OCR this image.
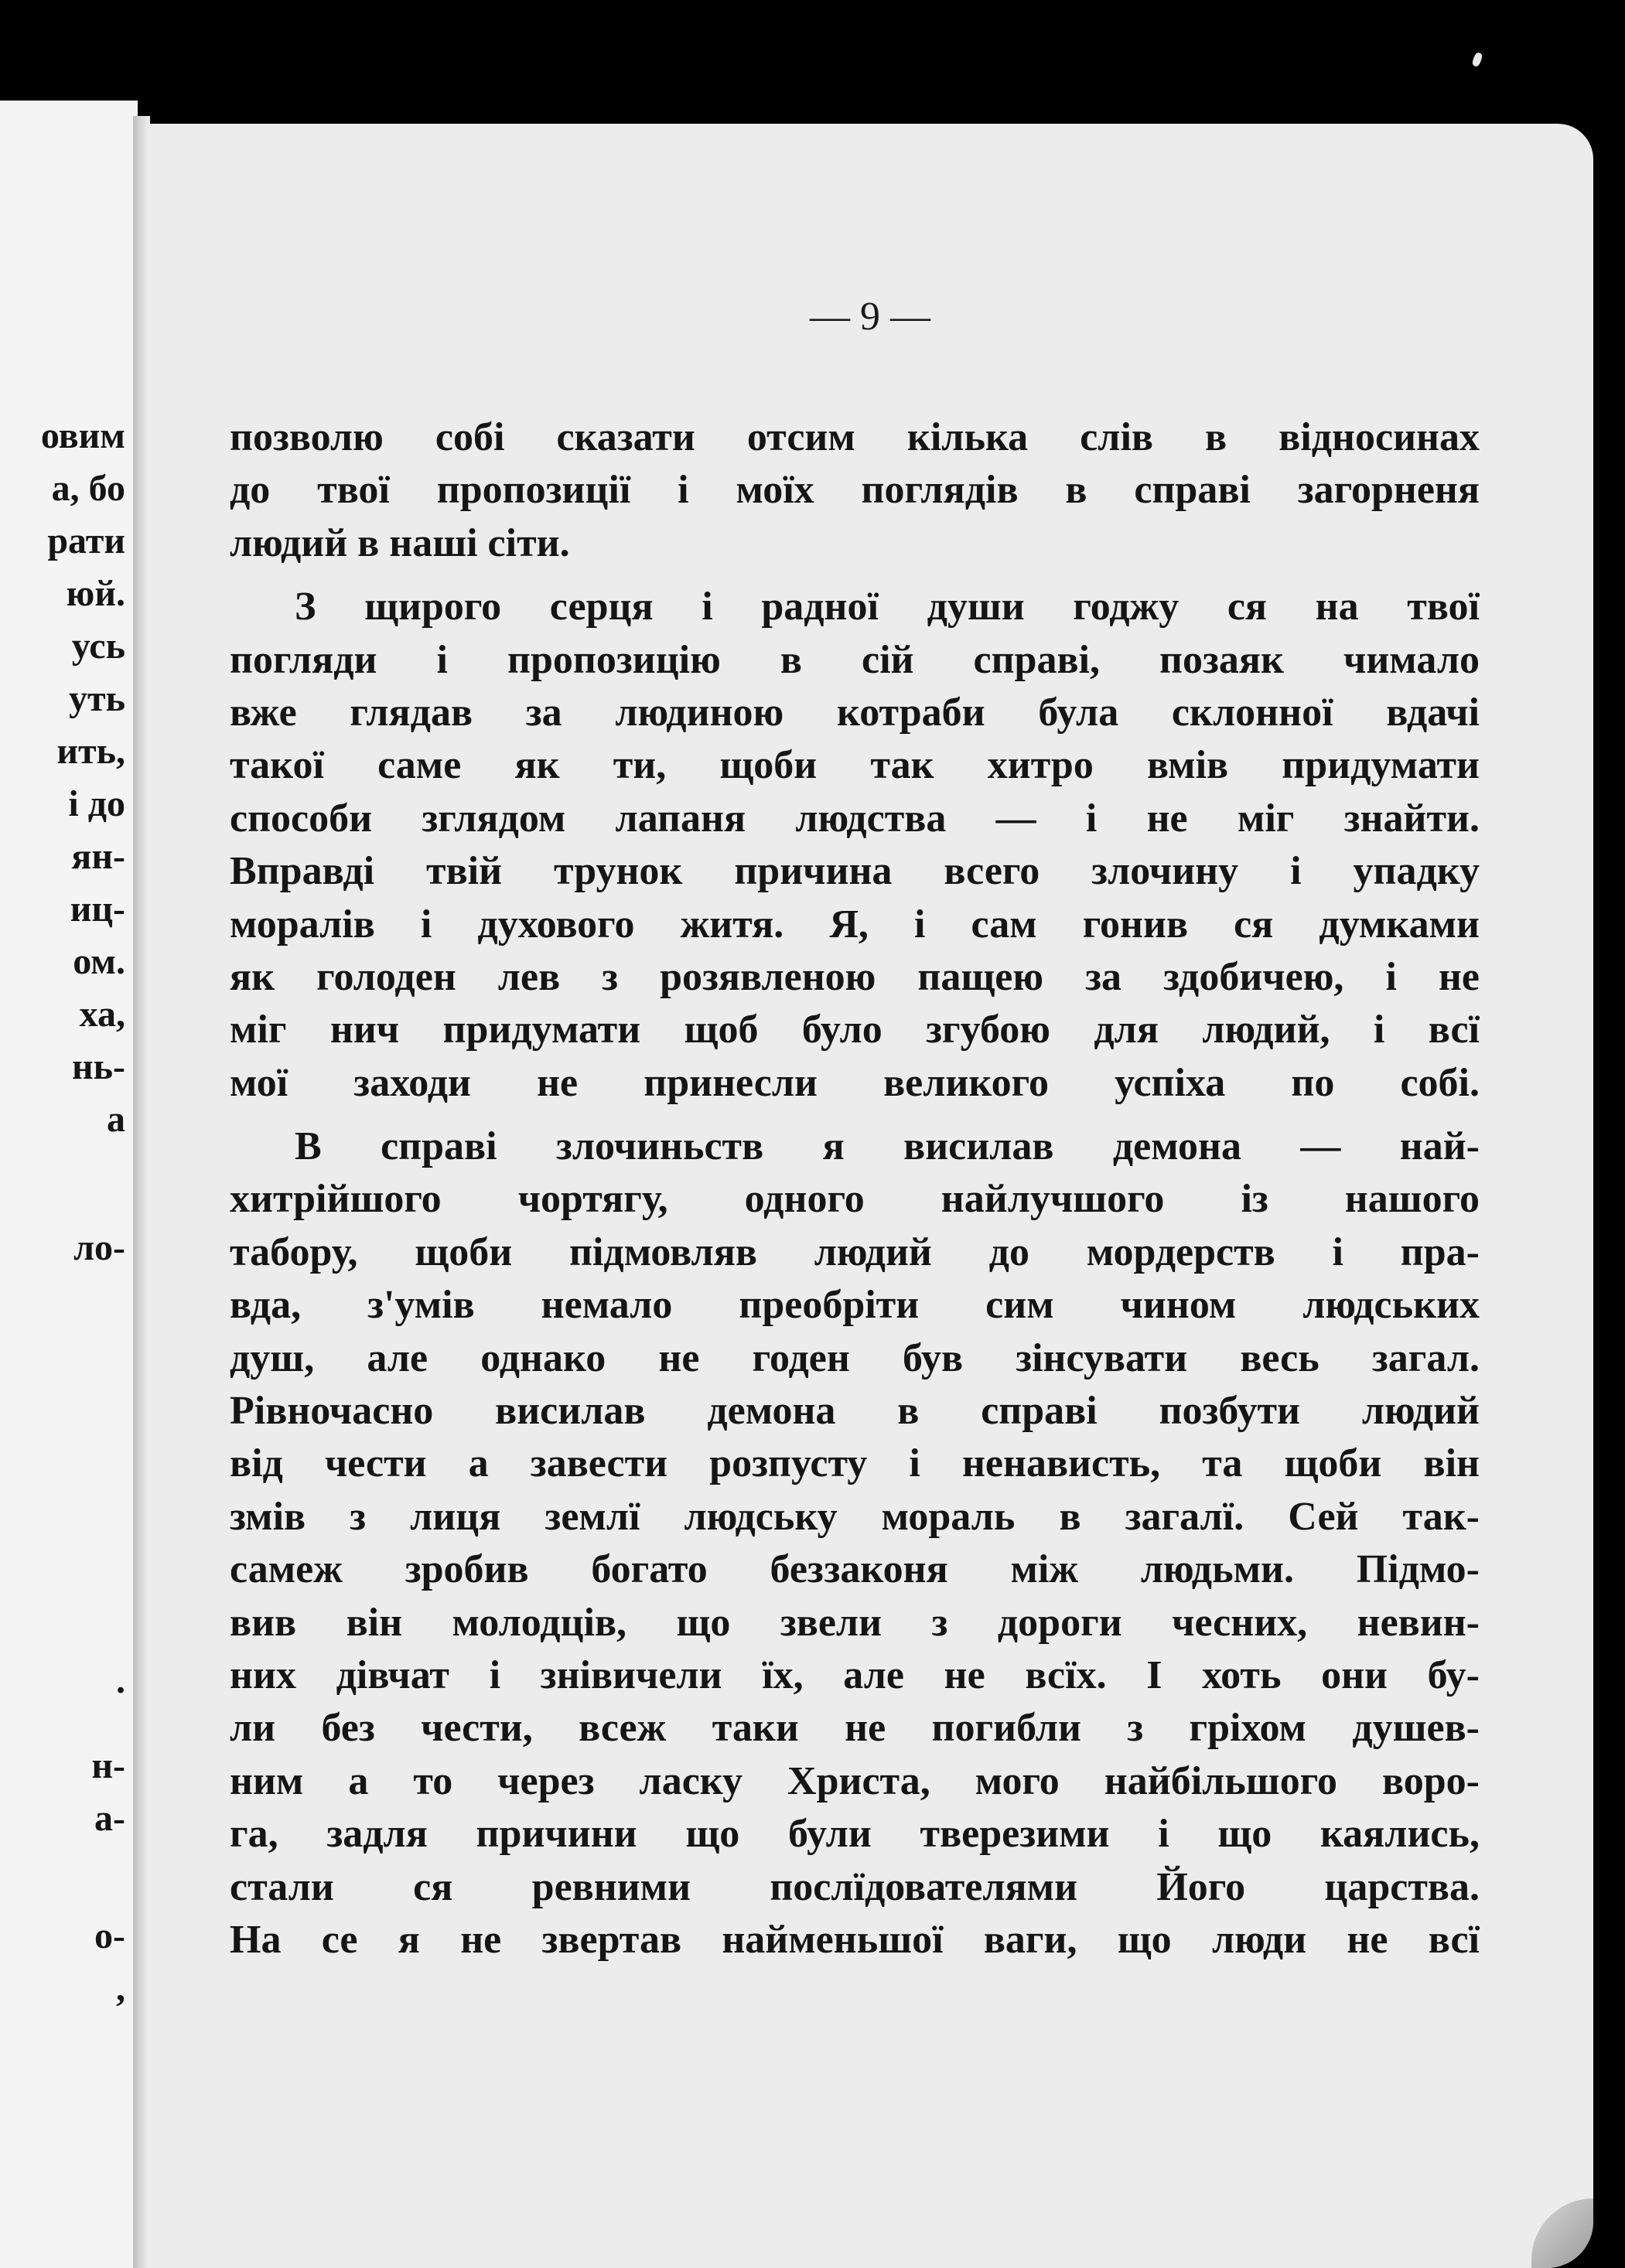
овим
а, бо
рати
юй.
усь
уть
ить,
і до
ян-
иц-
ом.
ха,
нь-
а
ло-
.
н-
а-
о-
,
— 9 —
позволю собі сказати отсим кілька слів в відносинах
до твої пропозиції і моїх поглядів в справі загорненя
людий в наші сіти.
З щирого серця і радної души годжу ся на твої
погляди і пропозицію в сій справі, позаяк чимало
вже глядав за людиною котраби була склонної вдачі
такої саме як ти, щоби так хитро вмів придумати
способи зглядом лапаня людства — і не міг знайти.
Вправді твій трунок причина всего злочину і упадку
моралів і духового житя. Я, і сам гонив ся думками
як голоден лев з розявленою пащею за здобичею, і не
міг нич придумати щоб було згубою для людий, і всї
мої заходи не принесли великого успіха по собі.
В справі злочиньств я висилав демона — най-
хитрійшого чортягу, одного найлучшого із нашого
табору, щоби підмовляв людий до мордерств і пра-
вда, з'умів немало преобріти сим чином людських
душ, але однако не годен був зінсувати весь загал.
Рівночасно висилав демона в справі позбути людий
від чести а завести розпусту і ненависть, та щоби він
змів з лиця землї людську мораль в загалї. Сей так-
самеж зробив богато беззаконя між людьми. Підмо-
вив він молодців, що звели з дороги чесних, невин-
них дівчат і знівичели їх, але не всїх. І хоть они бу-
ли без чести, всеж таки не погибли з гріхом душев-
ним а то через ласку Христа, мого найбільшого воро-
га, задля причини що були тверезими і що каялись,
стали ся ревними послїдователями Його царства.
На се я не звертав найменьшої ваги, що люди не всї
